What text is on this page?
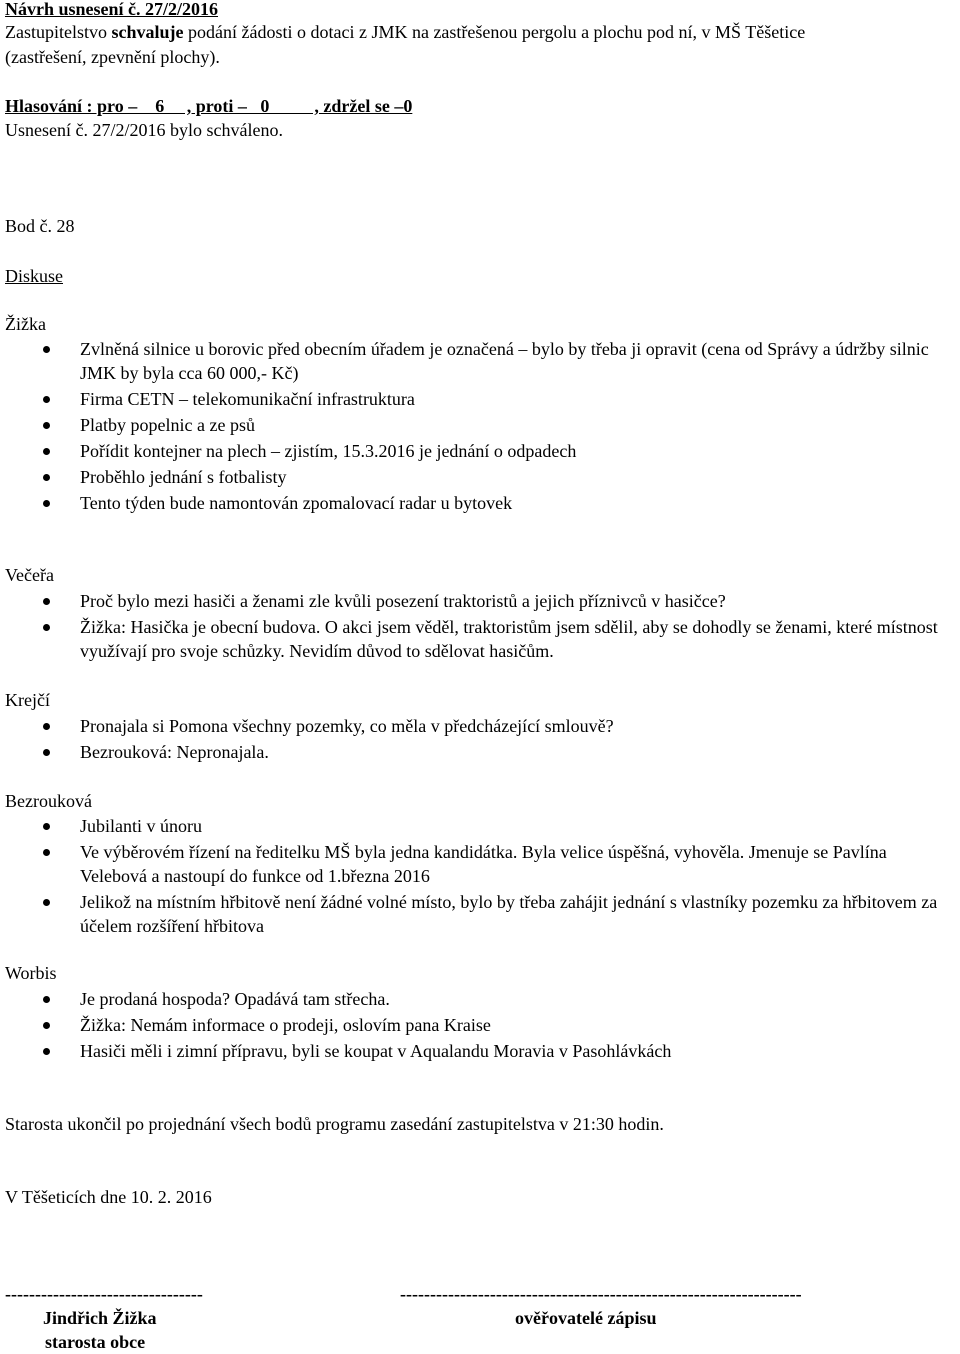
Návrh usnesení č. 27/2/2016
Zastupitelstvo schvaluje podání žádosti o dotaci z JMK na zastřešenou pergolu a plochu pod ní, v MŠ Těšetice
(zastřešení, zpevnění plochy).
Hlasování : pro –    6     , proti –   0          , zdržel se –0
Usnesení č. 27/2/2016 bylo schváleno.
Bod č. 28
Diskuse
Žižka
Zvlněná silnice u borovic před obecním úřadem je označená – bylo by třeba ji opravit (cena od Správy a údržby silnic JMK by byla cca 60 000,- Kč)
Firma CETN – telekomunikační infrastruktura
Platby popelnic a ze psů
Pořídit kontejner na plech – zjistím, 15.3.2016 je jednání o odpadech
Proběhlo jednání s fotbalisty
Tento týden bude namontován zpomalovací radar u bytovek
Večeřa
Proč bylo mezi hasiči a ženami zle kvůli posezení traktoristů a jejich příznivců v hasičce?
Žižka: Hasička je obecní budova. O akci jsem věděl, traktoristům jsem sdělil, aby se dohodly se ženami, které místnost využívají pro svoje schůzky. Nevidím důvod to sdělovat hasičům.
Krejčí
Pronajala si Pomona všechny pozemky, co měla v předcházející smlouvě?
Bezrouková: Nepronajala.
Bezrouková
Jubilanti v únoru
Ve výběrovém řízení na ředitelku MŠ byla jedna kandidátka. Byla velice úspěšná, vyhověla. Jmenuje se Pavlína Velebová a nastoupí do funkce od 1.března 2016
Jelikož na místním hřbitově není žádné volné místo, bylo by třeba zahájit jednání s vlastníky pozemku za hřbitovem za účelem rozšíření hřbitova
Worbis
Je prodaná hospoda? Opadává tam střecha.
Žižka: Nemám informace o prodeji, oslovím pana Kraise
Hasiči měli i zimní přípravu, byli se koupat v Aqualandu Moravia v Pasohlávkách
Starosta ukončil po projednání všech bodů programu zasedání zastupitelstva v 21:30 hodin.
V Těšeticích dne 10. 2. 2016
---------------------------------
Jindřich Žižka
starosta obce
-------------------------------------------------------------------
ověřovatelé zápisu
